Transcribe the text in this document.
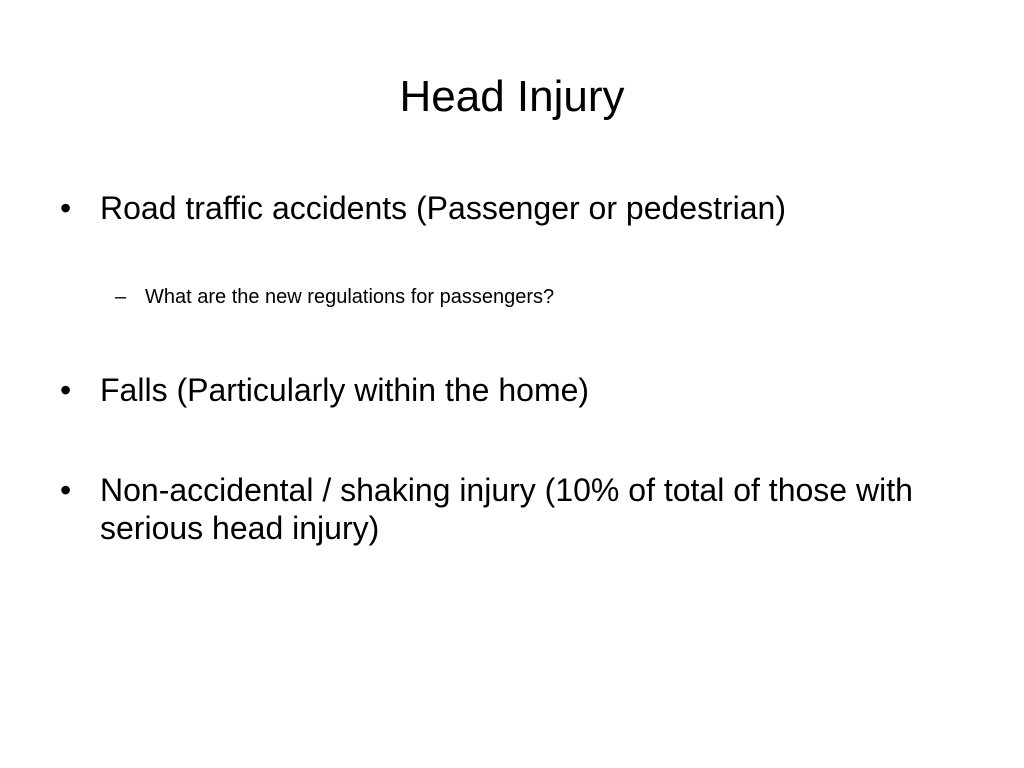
Head Injury
• Road traffic accidents (Passenger or pedestrian)
– What are the new regulations for passengers?
• Falls (Particularly within the home)
• Non-accidental / shaking injury (10% of total of those with serious head injury)
